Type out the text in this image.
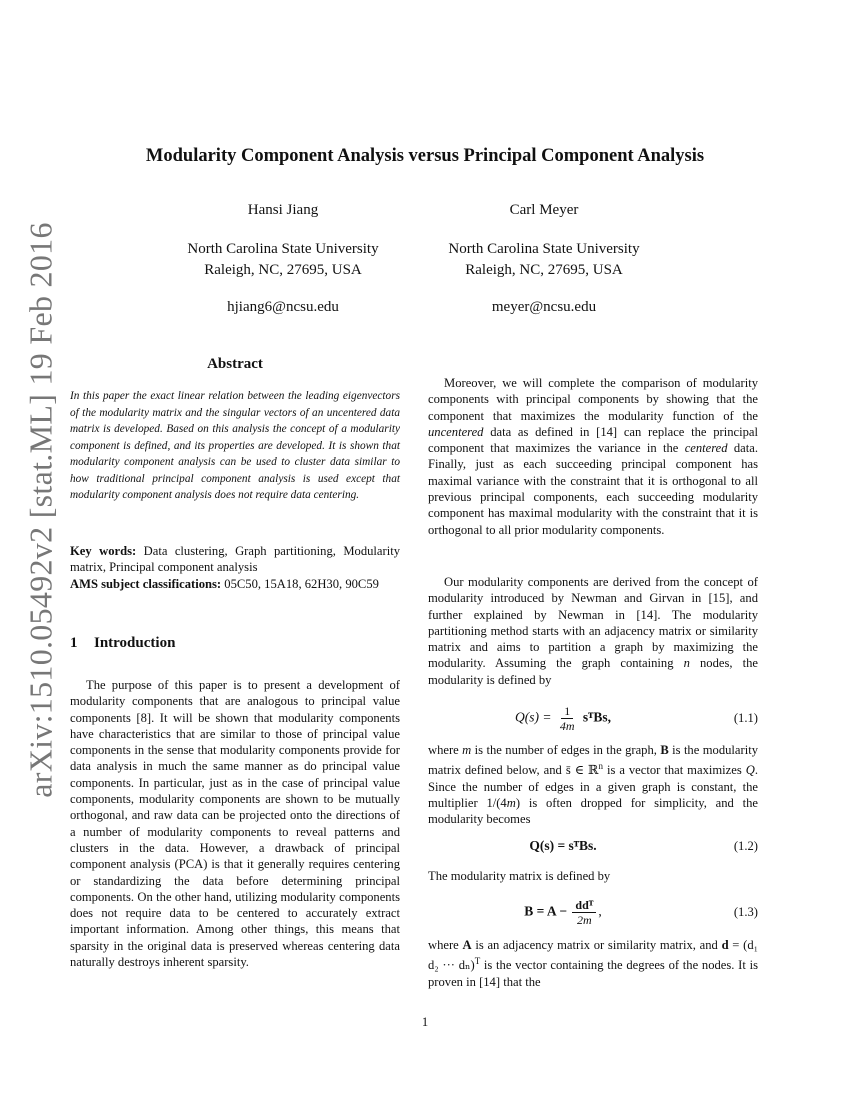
arXiv:1510.05492v2 [stat.ML] 19 Feb 2016
Modularity Component Analysis versus Principal Component Analysis
Hansi Jiang
North Carolina State University
Raleigh, NC, 27695, USA
hjiang6@ncsu.edu
Carl Meyer
North Carolina State University
Raleigh, NC, 27695, USA
meyer@ncsu.edu
Abstract
In this paper the exact linear relation between the leading eigenvectors of the modularity matrix and the singular vectors of an uncentered data matrix is developed. Based on this analysis the concept of a modularity component is defined, and its properties are developed. It is shown that modularity component analysis can be used to cluster data similar to how traditional principal component analysis is used except that modularity component analysis does not require data centering.
Key words: Data clustering, Graph partitioning, Modularity matrix, Principal component analysis
AMS subject classifications: 05C50, 15A18, 62H30, 90C59
1 Introduction

The purpose of this paper is to present a development of modularity components that are analogous to principal value components [8]. It will be shown that modularity components have characteristics that are similar to those of principal value components in the sense that modularity components provide for data analysis in much the same manner as do principal value components. In particular, just as in the case of principal value components, modularity components are shown to be mutually orthogonal, and raw data can be projected onto the directions of a number of modularity components to reveal patterns and clusters in the data. However, a drawback of principal component analysis (PCA) is that it generally requires centering or standardizing the data before determining principal components. On the other hand, utilizing modularity components does not require data to be centered to accurately extract important information. Among other things, this means that sparsity in the original data is preserved whereas centering data naturally destroys inherent sparsity.

Moreover, we will complete the comparison of modularity components with principal components by showing that the component that maximizes the modularity function of the uncentered data as defined in [14] can replace the principal component that maximizes the variance in the centered data. Finally, just as each succeeding principal component has maximal variance with the constraint that it is orthogonal to all previous principal components, each succeeding modularity component has maximal modularity with the constraint that it is orthogonal to all prior modularity components.

Our modularity components are derived from the concept of modularity introduced by Newman and Girvan in [15], and further explained by Newman in [14]. The modularity partitioning method starts with an adjacency matrix or similarity matrix and aims to partition a graph by maximizing the modularity. Assuming the graph containing n nodes, the modularity is defined by

$Q(s) = \frac{1}{4m}$ sᵀBs,	(1.1)

where m is the number of edges in the graph, B is the modularity matrix defined below, and s̄ ∈ ℝ$^n$ is a vector that maximizes Q. Since the number of edges in a given graph is constant, the multiplier 1/(4m) is often dropped for simplicity, and the modularity becomes

Q(s) = sᵀBs.	(1.2)

The modularity matrix is defined by

$B = A - \frac{\text{ddᵀ}}{2m}$ ,	(1.3)

where A is an adjacency matrix or similarity matrix, and d = (d₁ d₂ ··· dₙ)$^T$ is the vector containing the degrees of the nodes. It is proven in [14] that the

1
